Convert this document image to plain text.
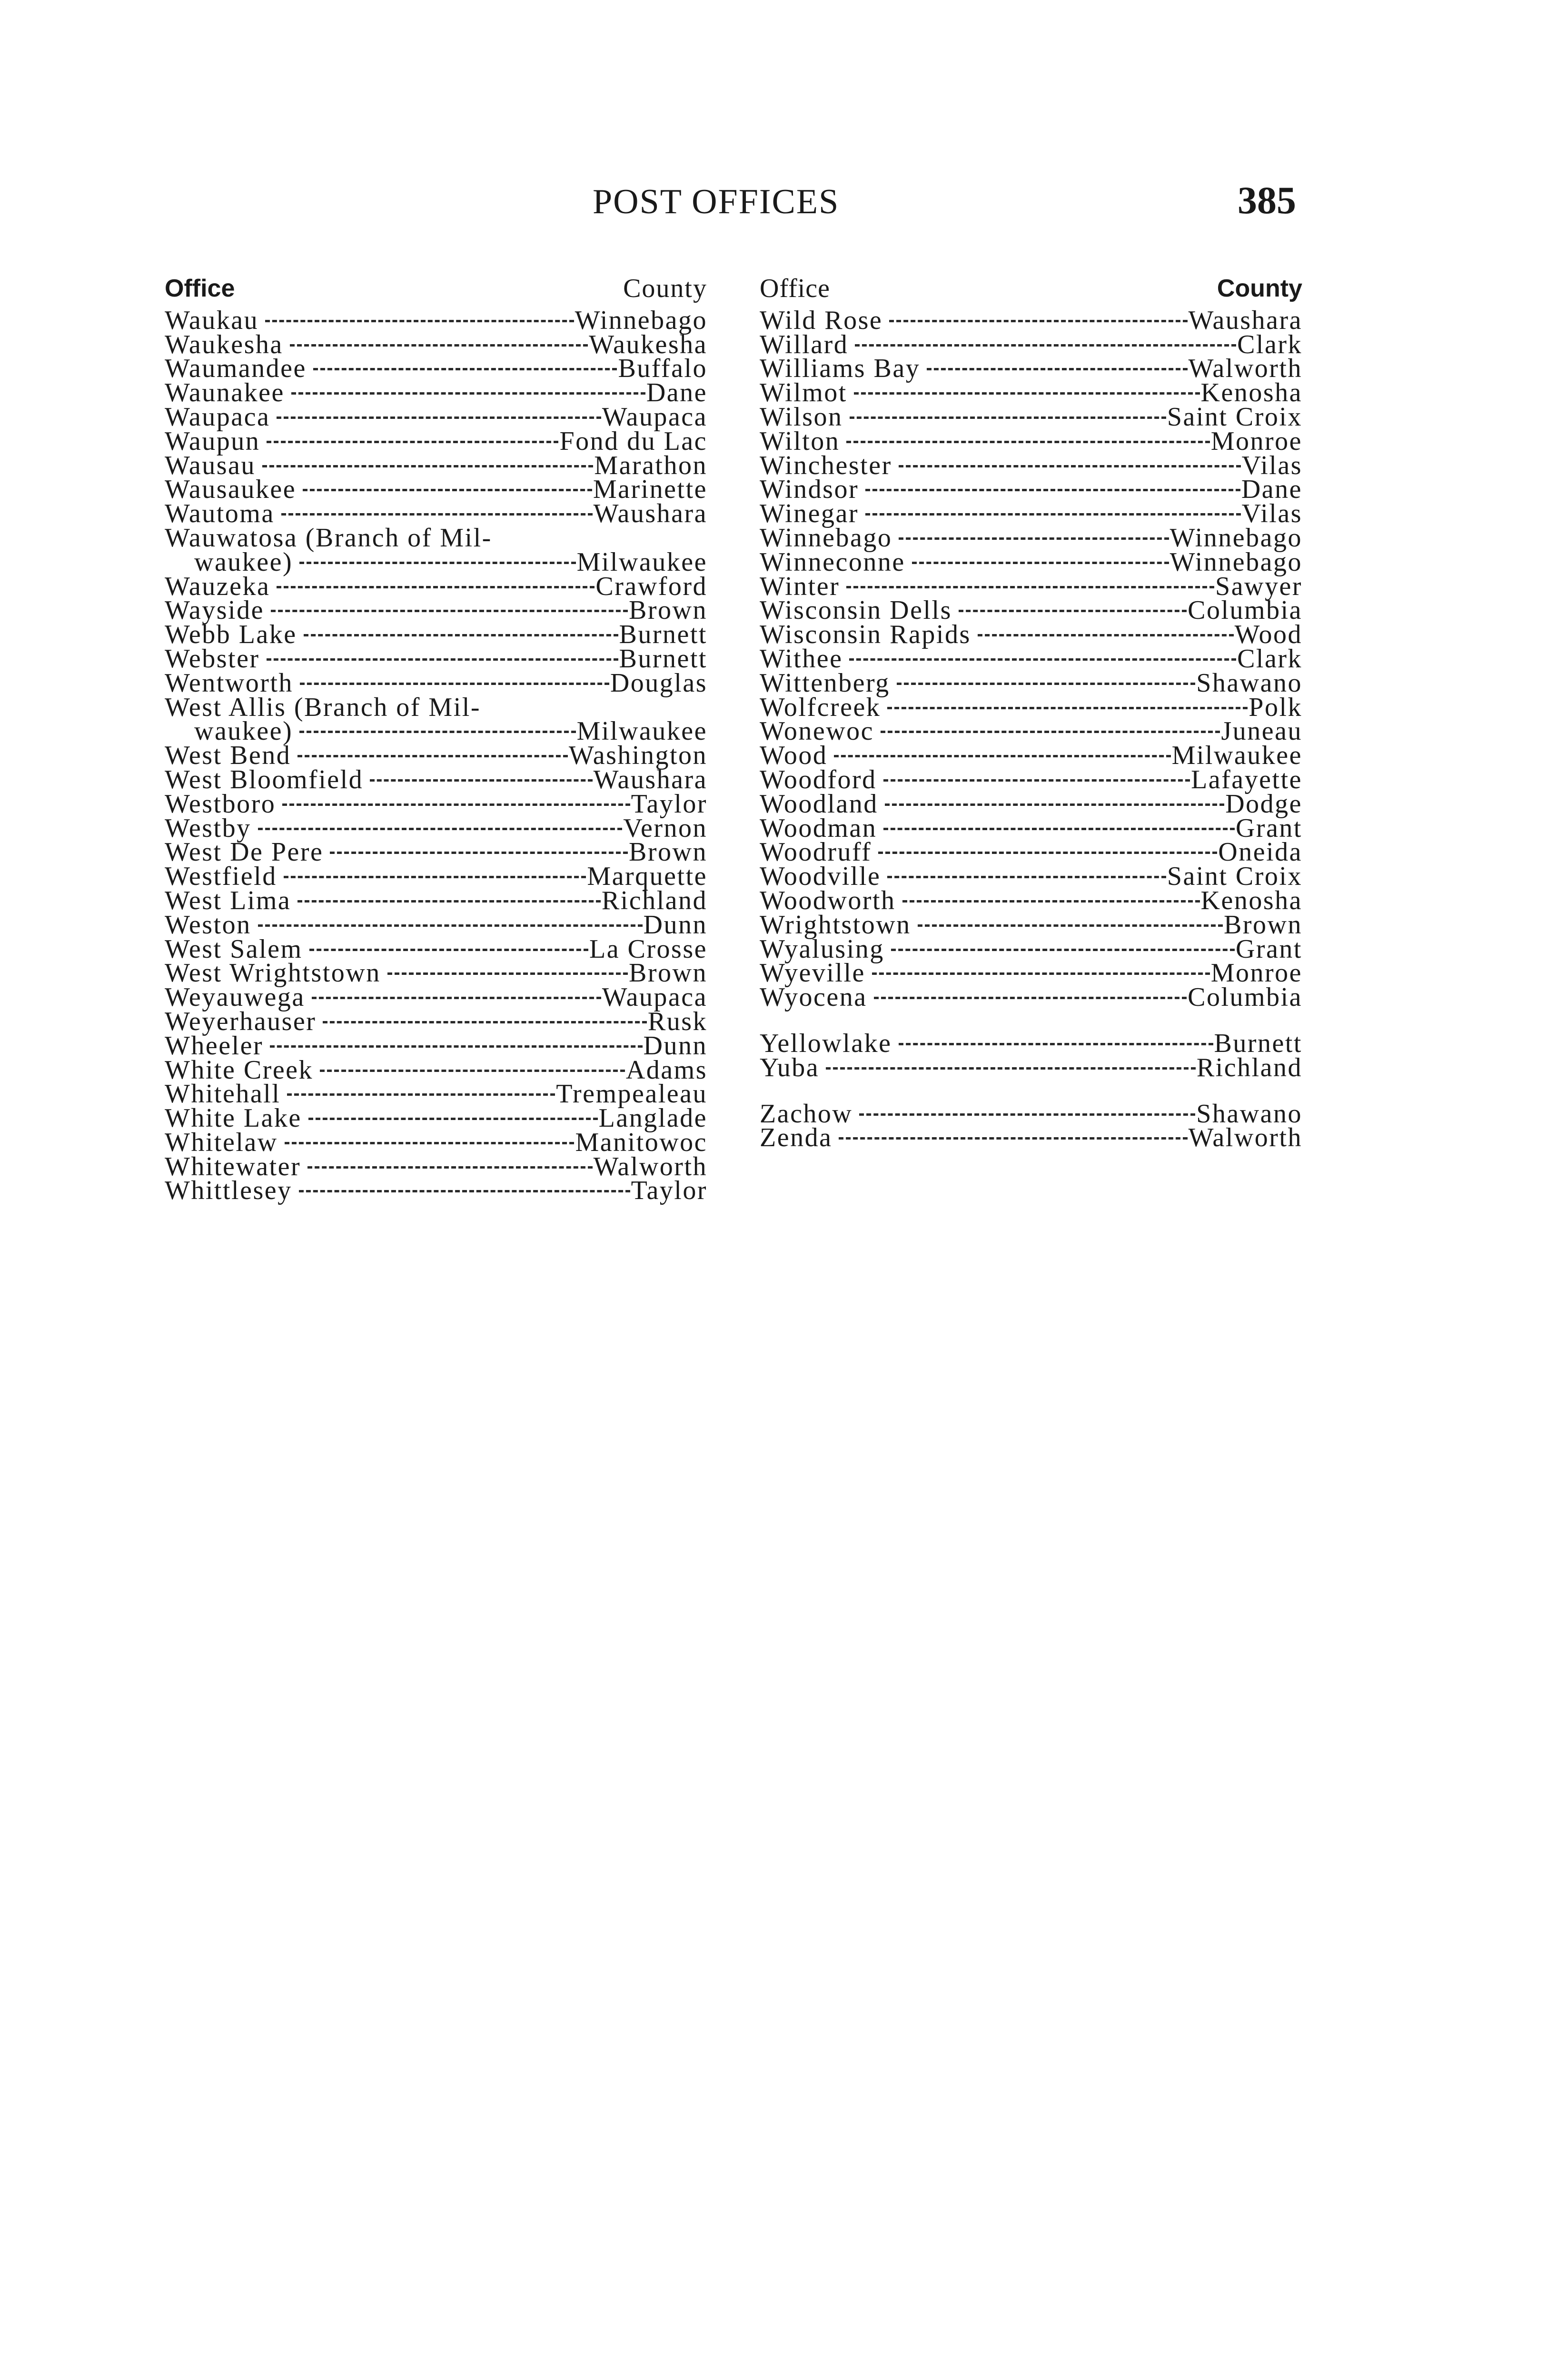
POST OFFICES	385
Office	County
Waukau	Winnebago
Waukesha	Waukesha
Waumandee	Buffalo
Waunakee	Dane
Waupaca	Waupaca
Waupun	Fond du Lac
Wausau	Marathon
Wausaukee	Marinette
Wautoma	Waushara
Wauwatosa (Branch of Mil-
waukee)	Milwaukee
Wauzeka	Crawford
Wayside	Brown
Webb Lake	Burnett
Webster	Burnett
Wentworth	Douglas
West Allis (Branch of Mil-
waukee)	Milwaukee
West Bend	Washington
West Bloomfield	Waushara
Westboro	Taylor
Westby	Vernon
West De Pere	Brown
Westfield	Marquette
West Lima	Richland
Weston	Dunn
West Salem	La Crosse
West Wrightstown	Brown
Weyauwega	Waupaca
Weyerhauser	Rusk
Wheeler	Dunn
White Creek	Adams
Whitehall	Trempealeau
White Lake	Langlade
Whitelaw	Manitowoc
Whitewater	Walworth
Whittlesey	Taylor
Office	County
Wild Rose	Waushara
Willard	Clark
Williams Bay	Walworth
Wilmot	Kenosha
Wilson	Saint Croix
Wilton	Monroe
Winchester	Vilas
Windsor	Dane
Winegar	Vilas
Winnebago	Winnebago
Winneconne	Winnebago
Winter	Sawyer
Wisconsin Dells	Columbia
Wisconsin Rapids	Wood
Withee	Clark
Wittenberg	Shawano
Wolfcreek	Polk
Wonewoc	Juneau
Wood	Milwaukee
Woodford	Lafayette
Woodland	Dodge
Woodman	Grant
Woodruff	Oneida
Woodville	Saint Croix
Woodworth	Kenosha
Wrightstown	Brown
Wyalusing	Grant
Wyeville	Monroe
Wyocena	Columbia
Yellowlake	Burnett
Yuba	Richland
Zachow	Shawano
Zenda	Walworth
